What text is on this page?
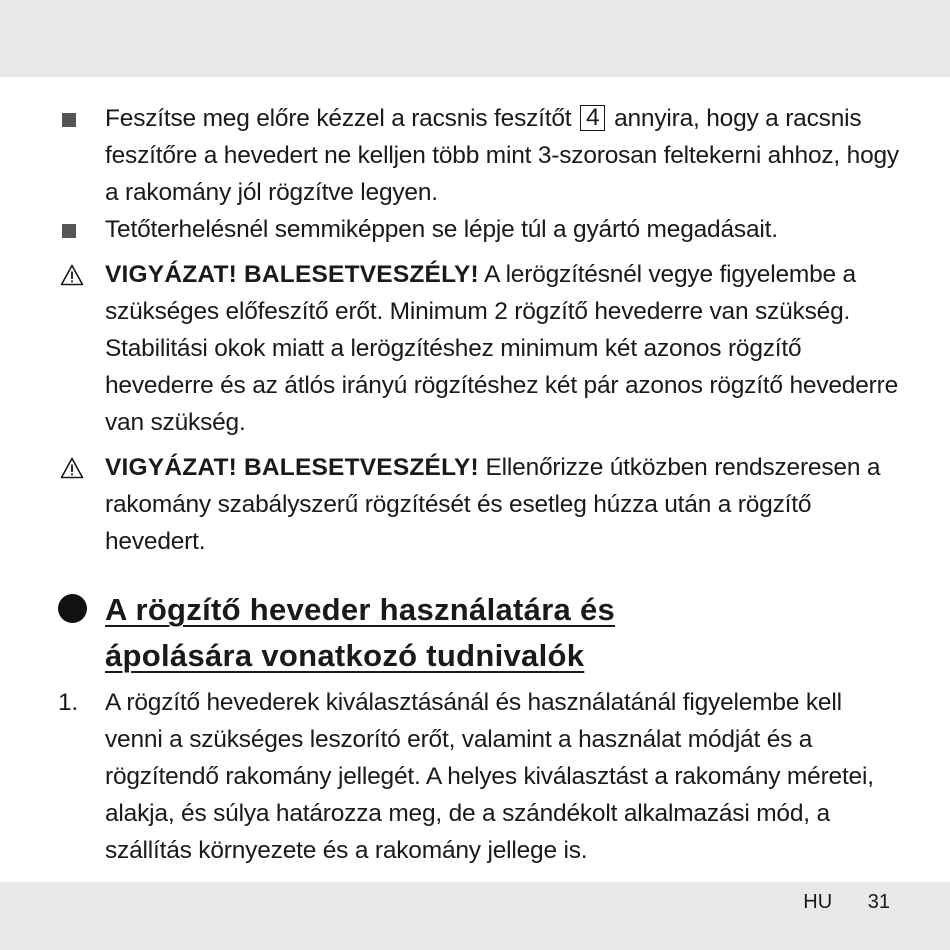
Feszítse meg előre kézzel a racsnis feszítőt 4 annyira, hogy a racsnis feszítőre a hevedert ne kelljen több mint 3-szorosan feltekerni ahhoz, hogy a rakomány jól rögzítve legyen.
Tetőterhelésnél semmiképpen se lépje túl a gyártó megadásait.
VIGYÁZAT! BALESETVESZÉLY! A lerögzítésnél vegye figyelembe a szükséges előfeszítő erőt. Minimum 2 rögzítő hevederre van szükség. Stabilitási okok miatt a lerögzítéshez minimum két azonos rögzítő hevederre és az átlós irányú rögzítéshez két pár azonos rögzítő hevederre van szükség.
VIGYÁZAT! BALESETVESZÉLY! Ellenőrizze útközben rendszeresen a rakomány szabályszerű rögzítését és esetleg húzza után a rögzítő hevedert.
A rögzítő heveder használatára és
ápolására vonatkozó tudnivalók
1. A rögzítő hevederek kiválasztásánál és használatánál figyelembe kell venni a szükséges leszorító erőt, valamint a használat módját és a rögzítendő rakomány jellegét. A helyes kiválasztást a rakomány méretei, alakja, és súlya határozza meg, de a szándékolt alkalmazási mód, a szállítás környezete és a rakomány jellege is.
HU 31
